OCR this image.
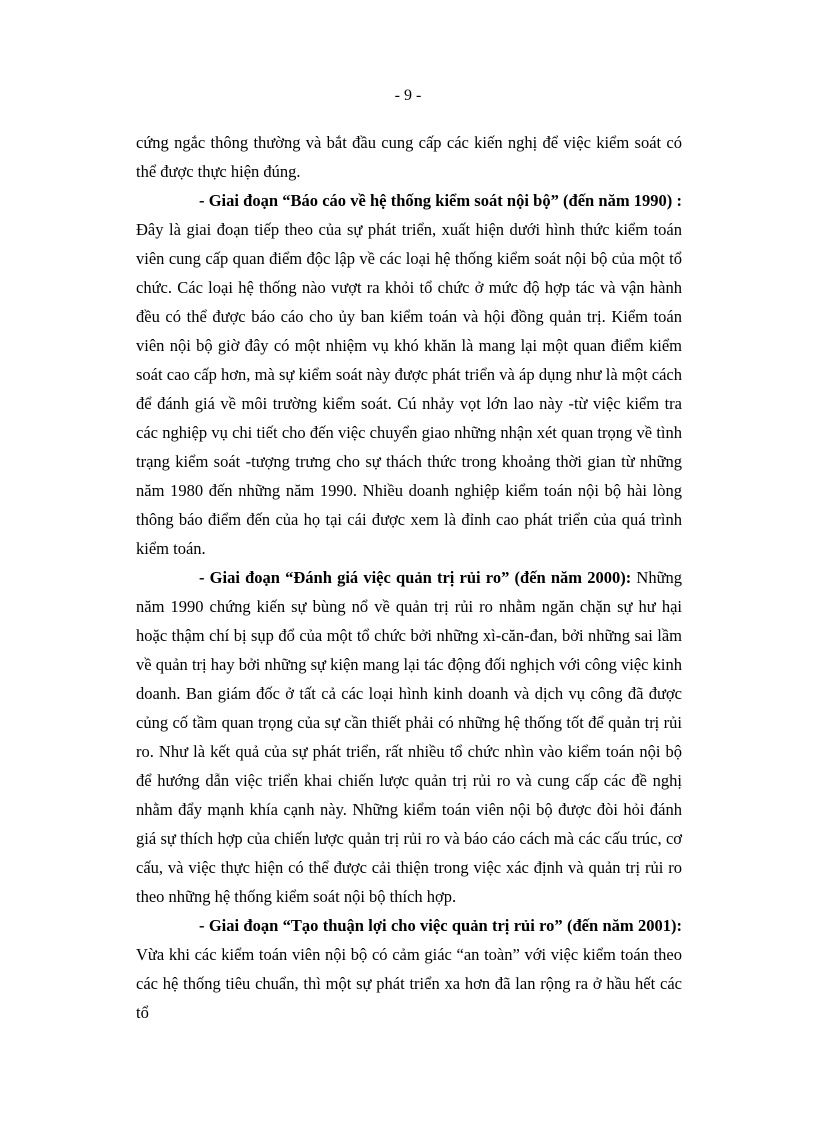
- 9 -

cứng ngắc thông thường và bắt đầu cung cấp các kiến nghị để việc kiểm soát có thể được thực hiện đúng.

- Giai đoạn “Báo cáo về hệ thống kiểm soát nội bộ” (đến năm 1990) : Đây là giai đoạn tiếp theo của sự phát triển, xuất hiện dưới hình thức kiểm toán viên cung cấp quan điểm độc lập về các loại hệ thống kiểm soát nội bộ của một tổ chức. Các loại hệ thống nào vượt ra khỏi tổ chức ở mức độ hợp tác và vận hành đều có thể được báo cáo cho ủy ban kiểm toán và hội đồng quản trị. Kiểm toán viên nội bộ giờ đây có một nhiệm vụ khó khăn là mang lại một quan điểm kiểm soát cao cấp hơn, mà sự kiểm soát này được phát triển và áp dụng như là một cách để đánh giá về môi trường kiểm soát. Cú nhảy vọt lớn lao này -từ việc kiểm tra các nghiệp vụ chi tiết cho đến việc chuyển giao những nhận xét quan trọng về tình trạng kiểm soát -tượng trưng cho sự thách thức trong khoảng thời gian từ những năm 1980 đến những năm 1990. Nhiều doanh nghiệp kiểm toán nội bộ hài lòng thông báo điểm đến của họ tại cái được xem là đỉnh cao phát triển của quá trình kiểm toán.

- Giai đoạn “Đánh giá việc quản trị rủi ro” (đến năm 2000): Những năm 1990 chứng kiến sự bùng nổ về quản trị rủi ro nhằm ngăn chặn sự hư hại hoặc thậm chí bị sụp đổ của một tổ chức bởi những xì-căn-đan, bởi những sai lầm về quản trị hay bởi những sự kiện mang lại tác động đối nghịch với công việc kinh doanh. Ban giám đốc ở tất cả các loại hình kinh doanh và dịch vụ công đã được củng cố tầm quan trọng của sự cần thiết phải có những hệ thống tốt để quản trị rủi ro. Như là kết quả của sự phát triển, rất nhiều tổ chức nhìn vào kiểm toán nội bộ để hướng dẫn việc triển khai chiến lược quản trị rủi ro và cung cấp các đề nghị nhằm đẩy mạnh khía cạnh này. Những kiểm toán viên nội bộ được đòi hỏi đánh giá sự thích hợp của chiến lược quản trị rủi ro và báo cáo cách mà các cấu trúc, cơ cấu, và việc thực hiện có thể được cải thiện trong việc xác định và quản trị rủi ro theo những hệ thống kiểm soát nội bộ thích hợp.

- Giai đoạn “Tạo thuận lợi cho việc quản trị rủi ro” (đến năm 2001): Vừa khi các kiểm toán viên nội bộ có cảm giác “an toàn” với việc kiểm toán theo các hệ thống tiêu chuẩn, thì một sự phát triển xa hơn đã lan rộng ra ở hầu hết các tổ
